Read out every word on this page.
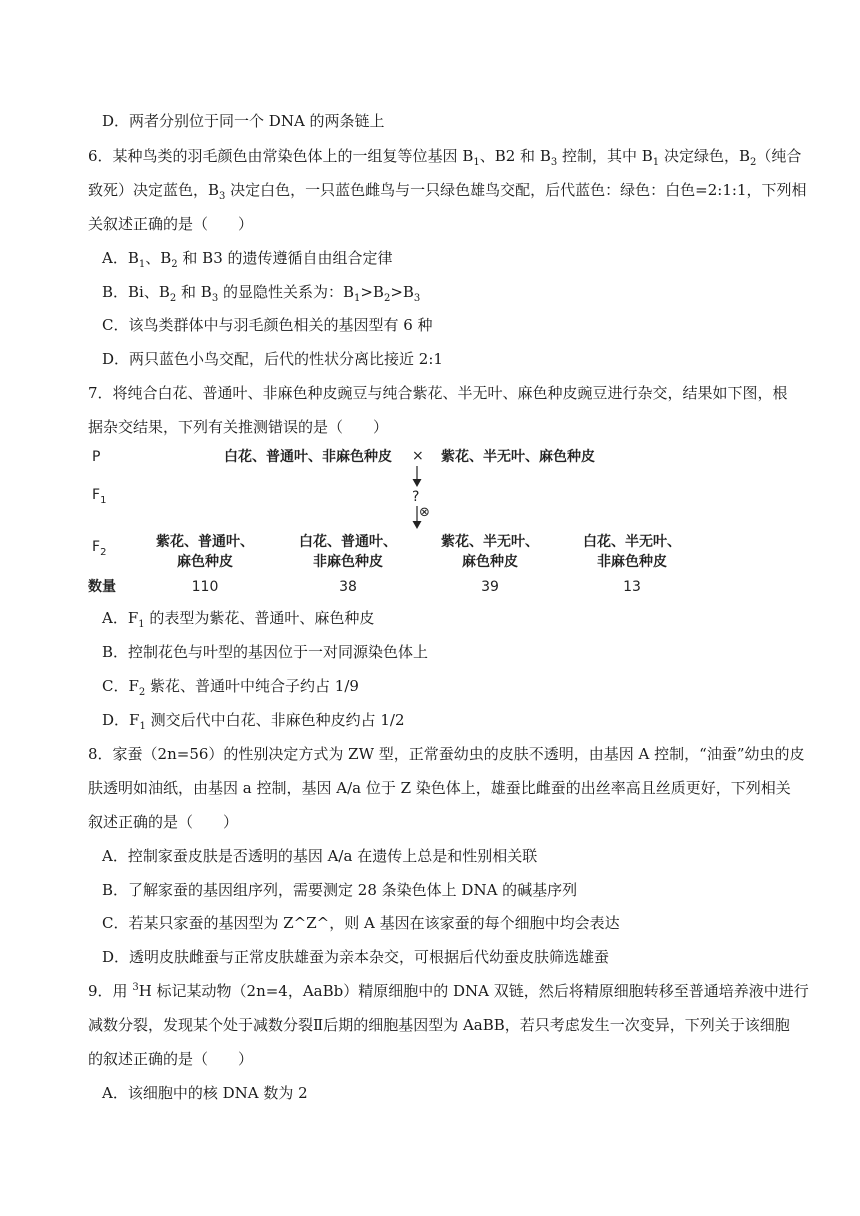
D．两者分别位于同一个 DNA 的两条链上
6．某种鸟类的羽毛颜色由常染色体上的一组复等位基因 $B_1$、B2 和 $B_3$ 控制，其中 $B_1$ 决定绿色，$B_2$（纯合
致死）决定蓝色，$B_3$ 决定白色，一只蓝色雌鸟与一只绿色雄鸟交配，后代蓝色：绿色：白色=2:1:1，下列相
关叙述正确的是（　　）
A．$B_1$、$B_2$ 和 B3 的遗传遵循自由组合定律
B．Bi、$B_2$ 和 $B_3$ 的显隐性关系为：$B_1>B_2>B_3$
C．该鸟类群体中与羽毛颜色相关的基因型有 6 种
D．两只蓝色小鸟交配，后代的性状分离比接近 2:1
7．将纯合白花、普通叶、非麻色种皮豌豆与纯合紫花、半无叶、麻色种皮豌豆进行杂交，结果如下图，根
据杂交结果，下列有关推测错误的是（　　）
P
$F_1$
$F_2$
数量
白花、普通叶、非麻色种皮 × 紫花、半无叶、麻色种皮
?
⊗
紫花、普通叶、
麻色种皮
白花、普通叶、
非麻色种皮
紫花、半无叶、
麻色种皮
白花、半无叶、
非麻色种皮
110	38	39	13
A．$F_1$ 的表型为紫花、普通叶、麻色种皮
B．控制花色与叶型的基因位于一对同源染色体上
C．$F_2$ 紫花、普通叶中纯合子约占 1/9
D．$F_1$ 测交后代中白花、非麻色种皮约占 1/2
8．家蚕（2n=56）的性别决定方式为 ZW 型，正常蚕幼虫的皮肤不透明，由基因 A 控制，“油蚕”幼虫的皮
肤透明如油纸，由基因 a 控制，基因 A/a 位于 Z 染色体上，雄蚕比雌蚕的出丝率高且丝质更好，下列相关
叙述正确的是（　　）
A．控制家蚕皮肤是否透明的基因 A/a 在遗传上总是和性别相关联
B．了解家蚕的基因组序列，需要测定 28 条染色体上 DNA 的碱基序列
C．若某只家蚕的基因型为 Z^Z^，则 A 基因在该家蚕的每个细胞中均会表达
D．透明皮肤雌蚕与正常皮肤雄蚕为亲本杂交，可根据后代幼蚕皮肤筛选雄蚕
9．用 $^3$H 标记某动物（2n=4，AaBb）精原细胞中的 DNA 双链，然后将精原细胞转移至普通培养液中进行
减数分裂，发现某个处于减数分裂Ⅱ后期的细胞基因型为 AaBB，若只考虑发生一次变异，下列关于该细胞
的叙述正确的是（　　）
A．该细胞中的核 DNA 数为 2
